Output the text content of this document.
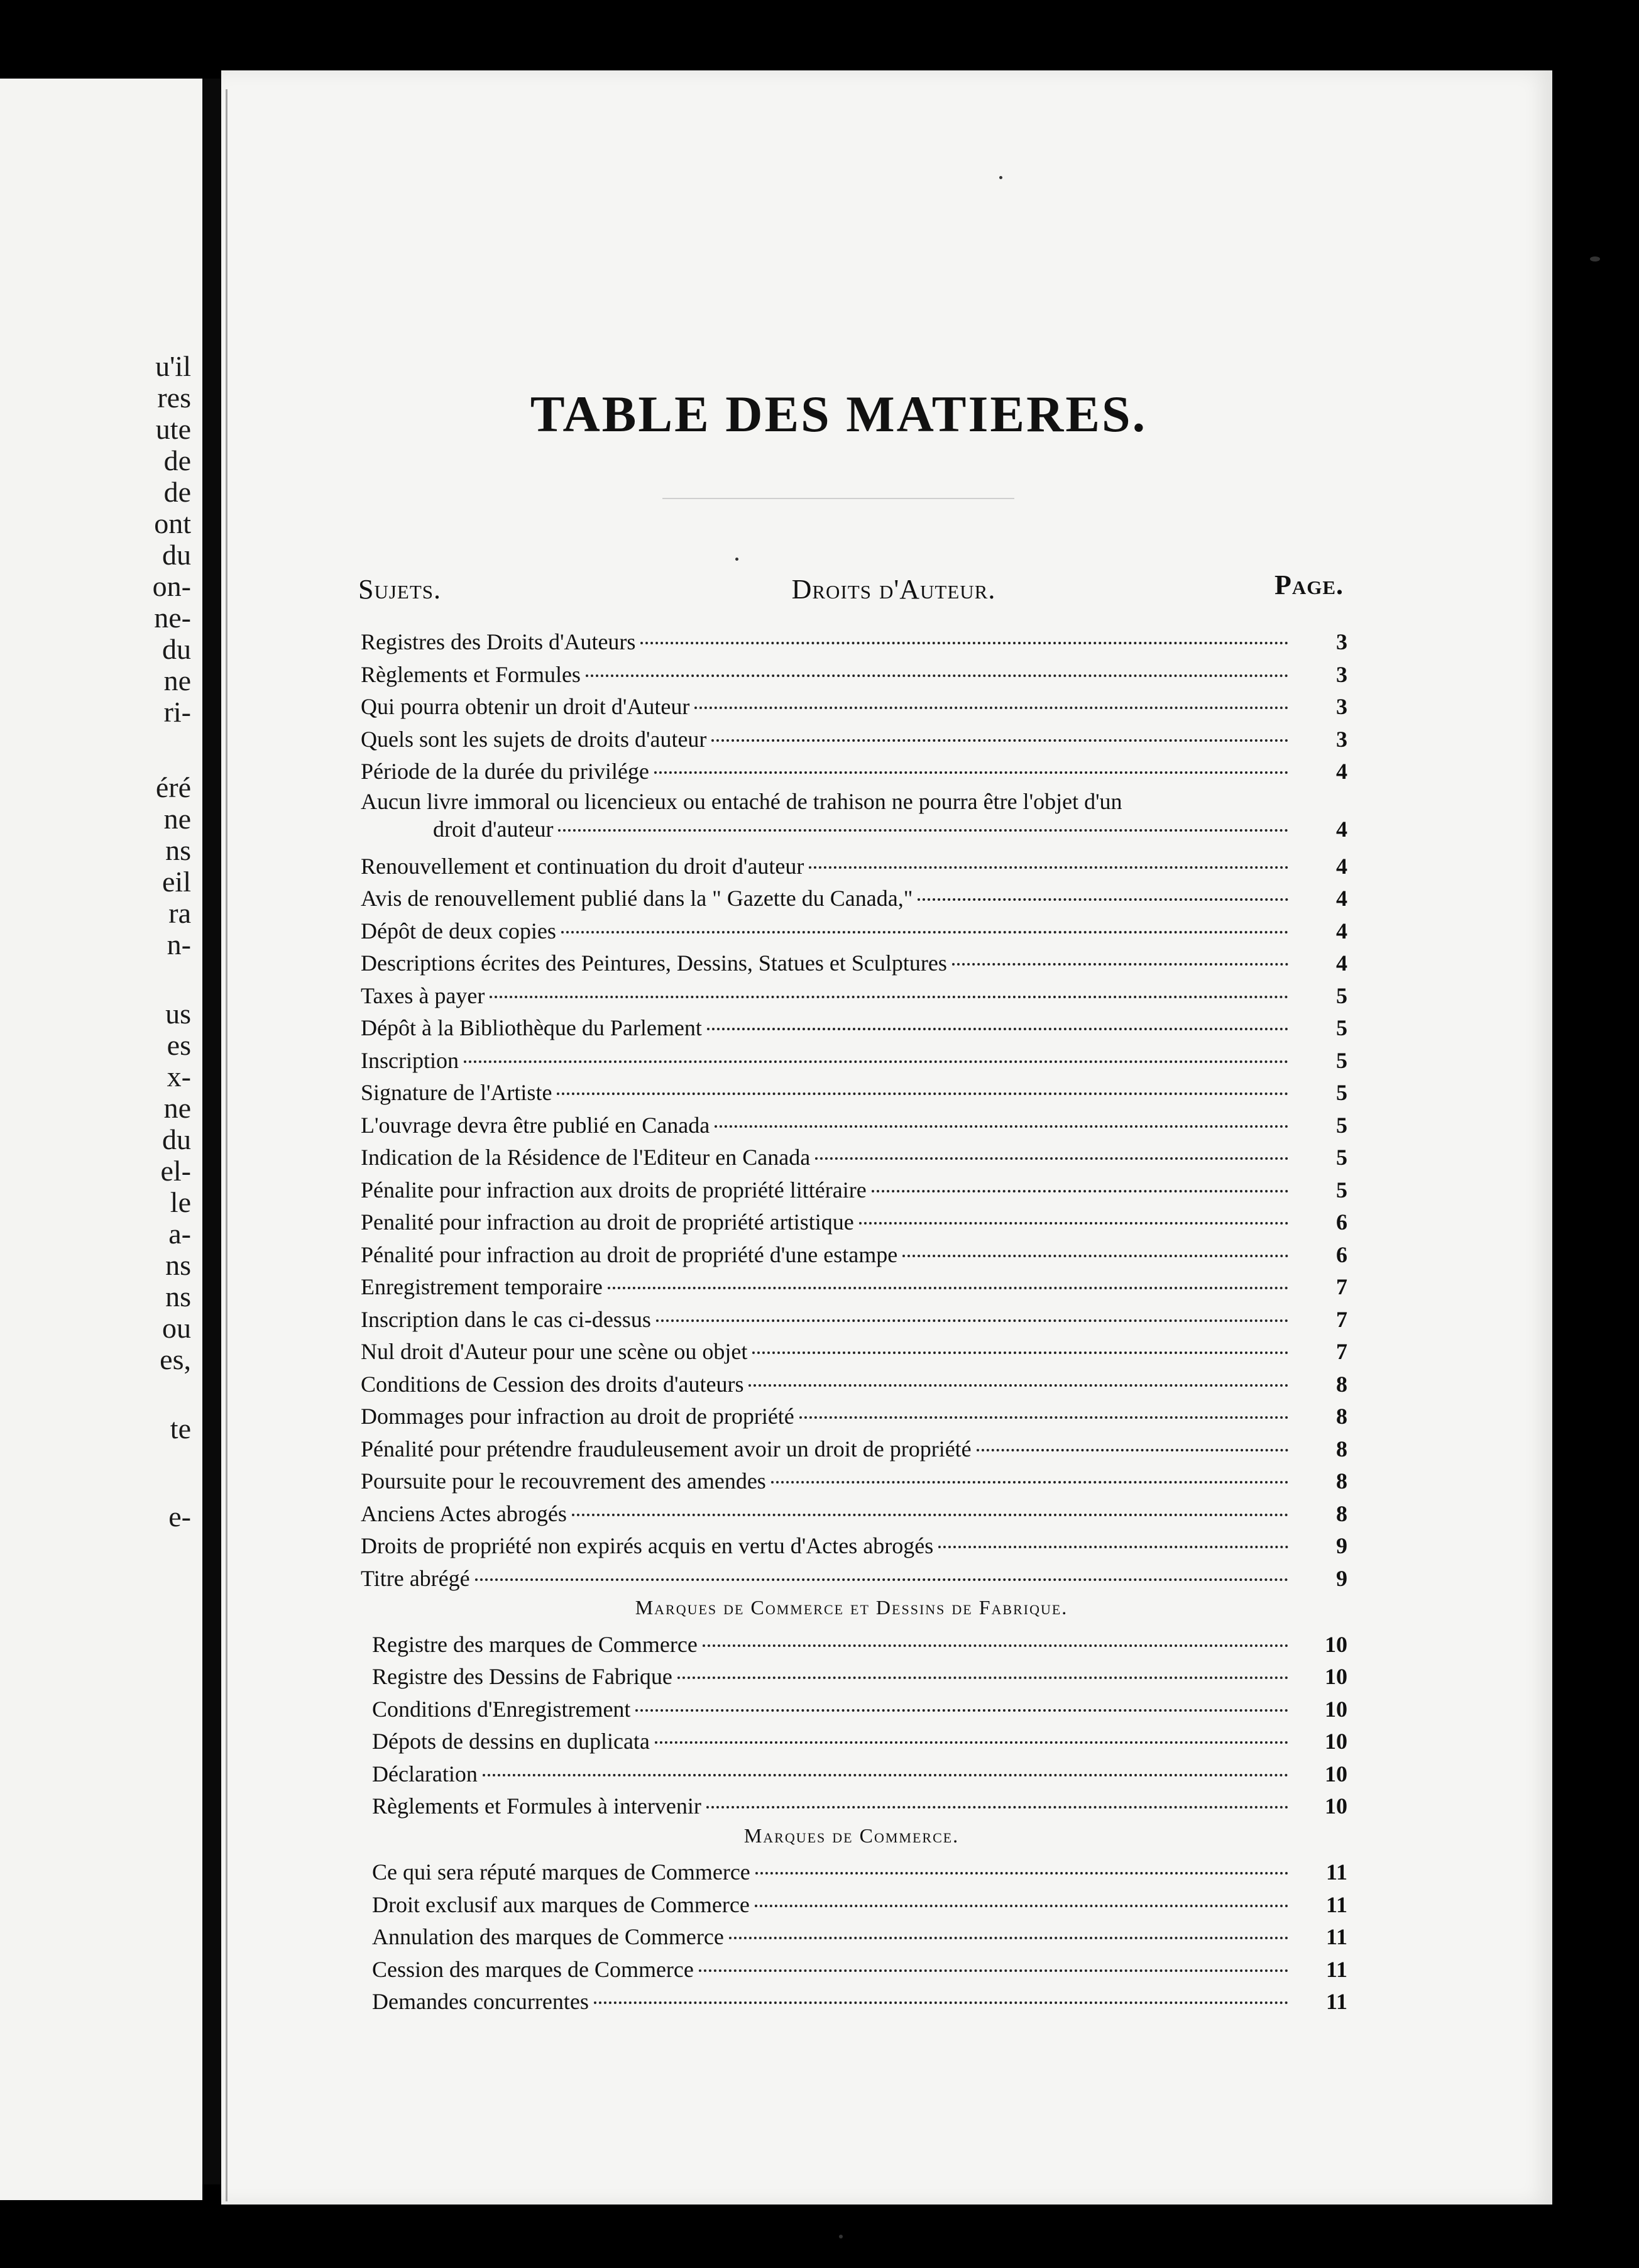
u'il
res
ute
de
de
ont
du
on-
ne-
du
ne
ri-
éré
ne
ns
eil
ra
n-
us
es
x-
ne
du
el-
le
a-
ns
ns
ou
es,
te
e-
TABLE DES MATIERES.
Sujets.	Droits d'Auteur.	Page.
Registres des Droits d'Auteurs	3
Règlements et Formules	3
Qui pourra obtenir un droit d'Auteur	3
Quels sont les sujets de droits d'auteur	3
Période de la durée du privilége	4
Aucun livre immoral ou licencieux ou entaché de trahison ne pourra être l'objet d'un
droit d'auteur	4
Renouvellement et continuation du droit d'auteur	4
Avis de renouvellement publié dans la " Gazette du Canada,"	4
Dépôt de deux copies	4
Descriptions écrites des Peintures, Dessins, Statues et Sculptures	4
Taxes à payer	5
Dépôt à la Bibliothèque du Parlement	5
Inscription	5
Signature de l'Artiste	5
L'ouvrage devra être publié en Canada	5
Indication de la Résidence de l'Editeur en Canada	5
Pénalite pour infraction aux droits de propriété littéraire	5
Penalité pour infraction au droit de propriété artistique	6
Pénalité pour infraction au droit de propriété d'une estampe	6
Enregistrement temporaire	7
Inscription dans le cas ci-dessus	7
Nul droit d'Auteur pour une scène ou objet	7
Conditions de Cession des droits d'auteurs	8
Dommages pour infraction au droit de propriété	8
Pénalité pour prétendre frauduleusement avoir un droit de propriété	8
Poursuite pour le recouvrement des amendes	8
Anciens Actes abrogés	8
Droits de propriété non expirés acquis en vertu d'Actes abrogés	9
Titre abrégé	9
Marques de Commerce et Dessins de Fabrique.
Registre des marques de Commerce	10
Registre des Dessins de Fabrique	10
Conditions d'Enregistrement	10
Dépots de dessins en duplicata	10
Déclaration	10
Règlements et Formules à intervenir	10
Marques de Commerce.
Ce qui sera réputé marques de Commerce	11
Droit exclusif aux marques de Commerce	11
Annulation des marques de Commerce	11
Cession des marques de Commerce	11
Demandes concurrentes	11
